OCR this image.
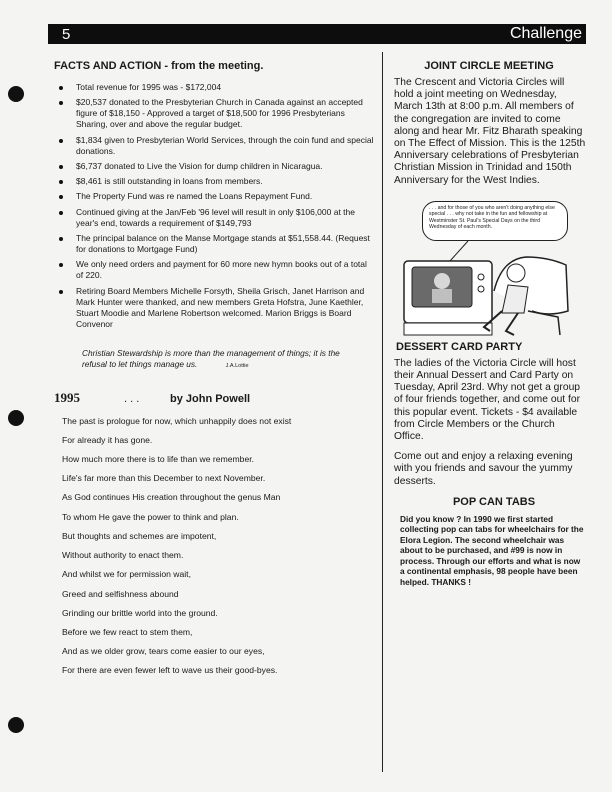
5	Challenge
FACTS AND ACTION - from the meeting.
Total revenue for 1995 was - $172,004
$20,537 donated to the Presbyterian Church in Canada against an accepted figure of $18,150 - Approved a target of $18,500 for 1996 Presbyterians Sharing, over and above the regular budget.
$1,834 given to Presbyterian World Services, through the coin fund and special donations.
$6,737 donated to Live the Vision for dump children in Nicaragua.
$8,461 is still outstanding in loans from members.
The Property Fund was re named the Loans Repayment Fund.
Continued giving at the Jan/Feb '96 level will result in only $106,000 at the year's end, towards a requirement of $149,793
The principal balance on the Manse Mortgage stands at $51,558.44. (Request for donations to Mortgage Fund)
We only need orders and payment for 60 more new hymn books out of a total of 220.
Retiring Board Members Michelle Forsyth, Sheila Grisch, Janet Harrison and Mark Hunter were thanked, and new members Greta Hofstra, June Kaethler, Stuart Moodie and Marlene Robertson welcomed. Marion Briggs is Board Convenor
Christian Stewardship is more than the management of things; it is the refusal to let things manage us.	J.A.Lottie
1995	. . .	by John Powell
The past is prologue for now, which unhappily does not exist
For already it has gone.
How much more there is to life than we remember.
Life's far more than this December to next November.
As God continues His creation throughout the genus Man
To whom He gave the power to think and plan.
But thoughts and schemes are impotent,
Without authority to enact them.
And whilst we for permission wait,
Greed and selfishness abound
Grinding our brittle world into the ground.
Before we few react to stem them,
And as we older grow, tears come easier to our eyes,
For there are even fewer left to wave us their good-byes.
JOINT CIRCLE MEETING

The Crescent and Victoria Circles will hold a joint meeting on Wednesday, March 13th at 8:00 p.m. All members of the congregation are invited to come along and hear Mr. Fitz Bharath speaking on The Effect of Mission. This is the 125th Anniversary celebrations of Presbyterian Christian Mission in Trinidad and 150th Anniversary for the West Indies.

. . . and for those of you who aren't doing anything else special . . . why not take in the fun and fellowship at Westminster St. Paul's Special Days on the third Wednesday of each month.
DESSERT CARD PARTY

The ladies of the Victoria Circle will host their Annual Dessert and Card Party on Tuesday, April 23rd. Why not get a group of four friends together, and come out for this popular event. Tickets - $4 available from Circle Members or the Church Office.

Come out and enjoy a relaxing evening with you friends and savour the yummy desserts.

POP CAN TABS

Did you know ? In 1990 we first started collecting pop can tabs for wheelchairs for the Elora Legion. The second wheelchair was about to be purchased, and #99 is now in process. Through our efforts and what is now a continental emphasis, 98 people have been helped. THANKS !
